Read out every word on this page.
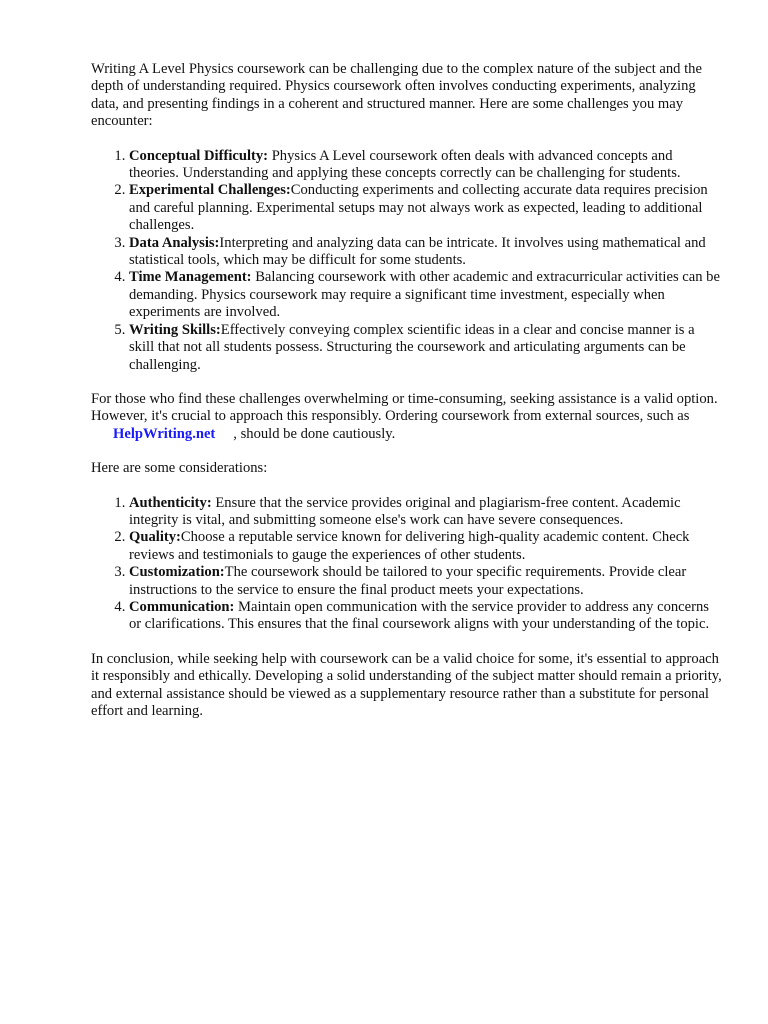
Writing A Level Physics coursework can be challenging due to the complex nature of the subject and the depth of understanding required. Physics coursework often involves conducting experiments, analyzing data, and presenting findings in a coherent and structured manner. Here are some challenges you may encounter:

1. Conceptual Difficulty: Physics A Level coursework often deals with advanced concepts and theories. Understanding and applying these concepts correctly can be challenging for students.
2. Experimental Challenges:Conducting experiments and collecting accurate data requires precision and careful planning. Experimental setups may not always work as expected, leading to additional challenges.
3. Data Analysis:Interpreting and analyzing data can be intricate. It involves using mathematical and statistical tools, which may be difficult for some students.
4. Time Management: Balancing coursework with other academic and extracurricular activities can be demanding. Physics coursework may require a significant time investment, especially when experiments are involved.
5. Writing Skills:Effectively conveying complex scientific ideas in a clear and concise manner is a skill that not all students possess. Structuring the coursework and articulating arguments can be challenging.

For those who find these challenges overwhelming or time-consuming, seeking assistance is a valid option. However, it's crucial to approach this responsibly. Ordering coursework from external sources, such asHelpWriting.net , should be done cautiously.

Here are some considerations:

1. Authenticity: Ensure that the service provides original and plagiarism-free content. Academic integrity is vital, and submitting someone else's work can have severe consequences.
2. Quality:Choose a reputable service known for delivering high-quality academic content. Check reviews and testimonials to gauge the experiences of other students.
3. Customization:The coursework should be tailored to your specific requirements. Provide clear instructions to the service to ensure the final product meets your expectations.
4. Communication: Maintain open communication with the service provider to address any concerns or clarifications. This ensures that the final coursework aligns with your understanding of the topic.

In conclusion, while seeking help with coursework can be a valid choice for some, it's essential to approach it responsibly and ethically. Developing a solid understanding of the subject matter should remain a priority, and external assistance should be viewed as a supplementary resource rather than a substitute for personal effort and learning.
